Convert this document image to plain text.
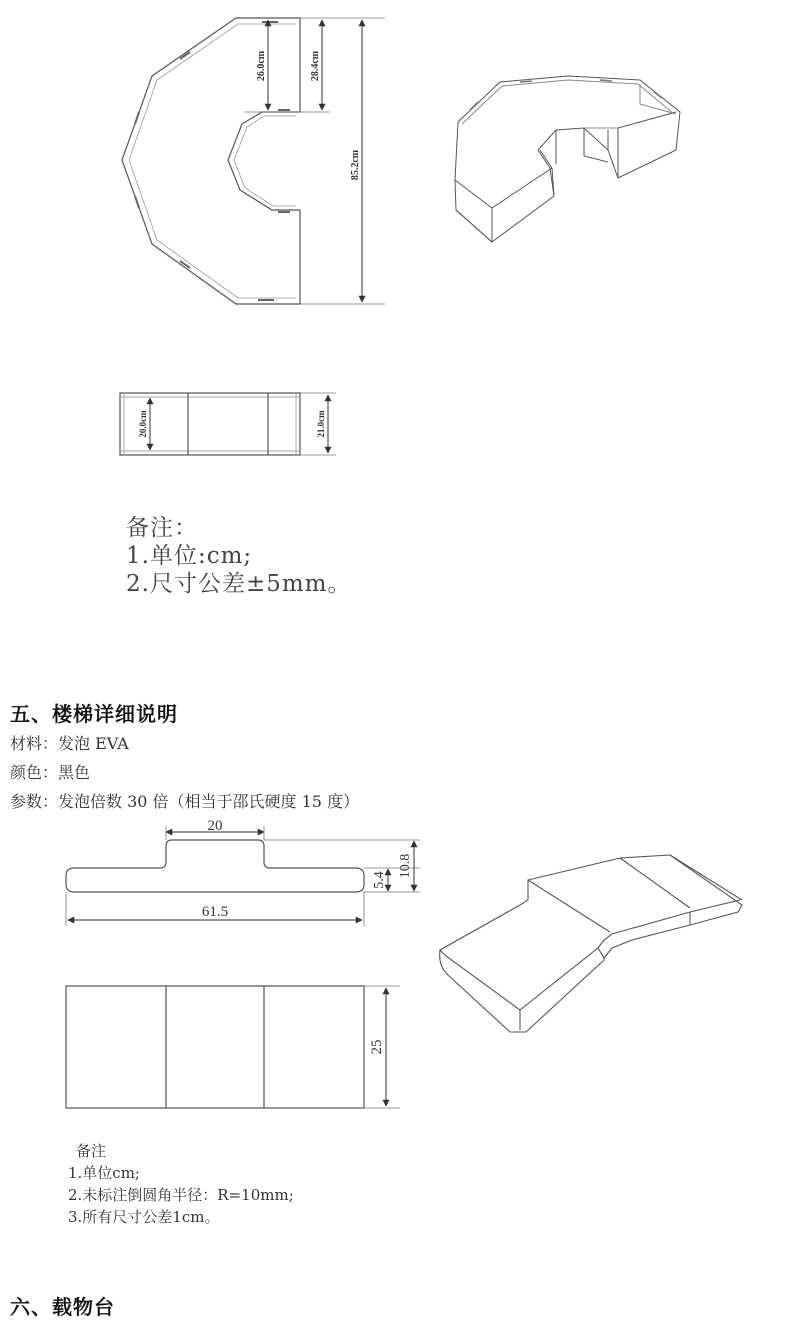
26.0cm	28.4cm
85.2cm
20.0cm	21.0cm
备注：
1.单位:cm;
2.尺寸公差±5mm。
五、楼梯详细说明
材料：发泡 EVA
颜色：黑色
参数：发泡倍数 30 倍（相当于邵氏硬度 15 度）
20
61.5
5.4
10.8
25
备注
1.单位cm;
2.未标注倒圆角半径：R=10mm;
3.所有尺寸公差1cm。
六、载物台
